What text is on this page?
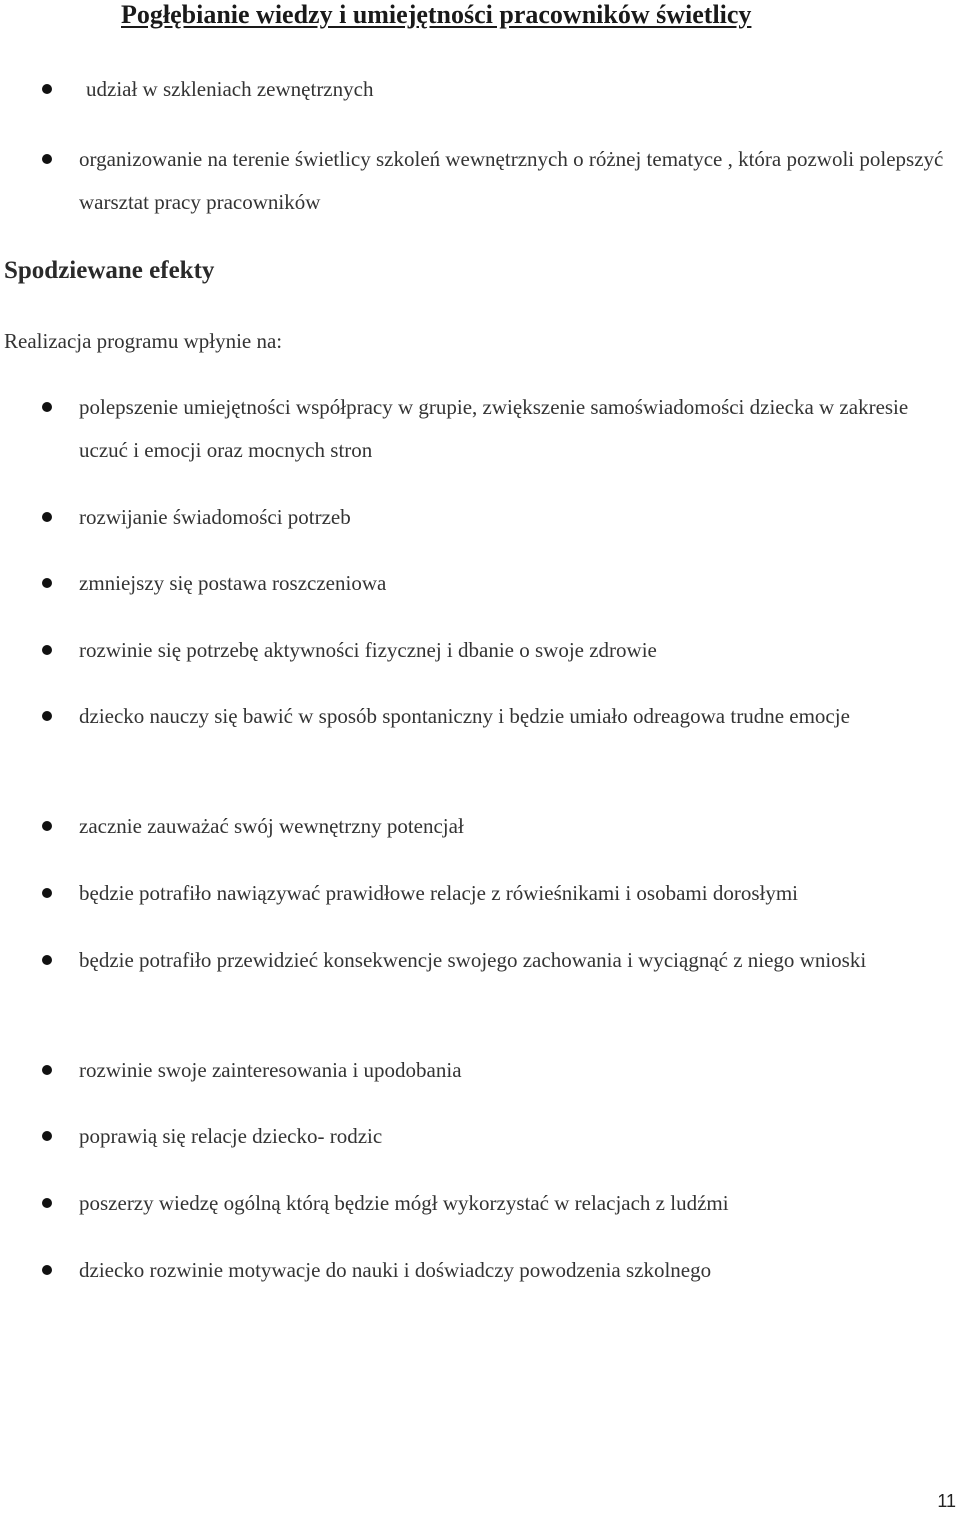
Pogłębianie wiedzy i umiejętności pracowników świetlicy
udział w szkleniach zewnętrznych
organizowanie na terenie świetlicy szkoleń wewnętrznych o różnej tematyce , która pozwoli polepszyć warsztat pracy pracowników
Spodziewane efekty
Realizacja programu wpłynie na:
polepszenie umiejętności współpracy w grupie, zwiększenie samoświadomości dziecka w zakresie uczuć i emocji oraz mocnych stron
rozwijanie świadomości potrzeb
zmniejszy się postawa roszczeniowa
rozwinie się potrzebę aktywności fizycznej i dbanie o swoje zdrowie
dziecko nauczy się bawić w sposób spontaniczny i będzie umiało odreagowa trudne emocje
zacznie zauważać swój wewnętrzny potencjał
będzie potrafiło nawiązywać prawidłowe relacje z rówieśnikami i osobami dorosłymi
będzie potrafiło przewidzieć konsekwencje swojego zachowania i wyciągnąć z niego wnioski
rozwinie swoje zainteresowania i upodobania
poprawią się relacje dziecko- rodzic
poszerzy wiedzę ogólną którą będzie mógł wykorzystać w relacjach z ludźmi
dziecko rozwinie motywacje do nauki i doświadczy powodzenia szkolnego
11
